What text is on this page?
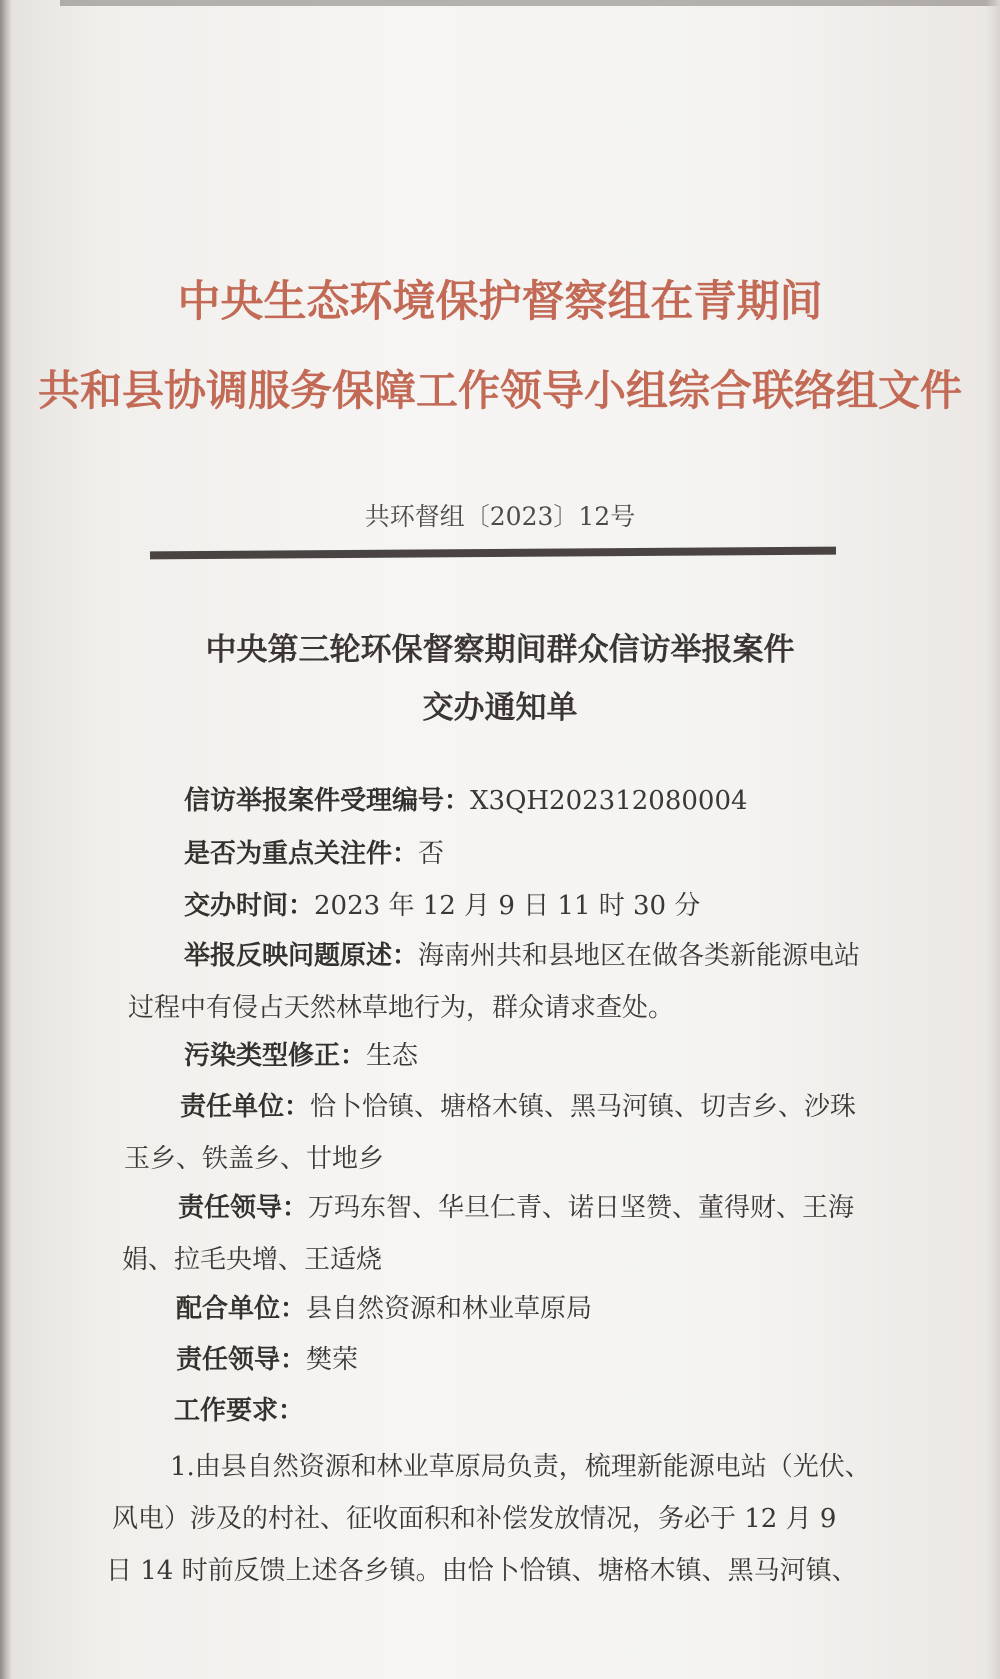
中央生态环境保护督察组在青期间
共和县协调服务保障工作领导小组综合联络组文件
共环督组〔2023〕12号
中央第三轮环保督察期间群众信访举报案件
交办通知单
信访举报案件受理编号：X3QH202312080004
是否为重点关注件：否
交办时间：2023 年 12 月 9 日 11 时 30 分
举报反映问题原述：海南州共和县地区在做各类新能源电站
过程中有侵占天然林草地行为，群众请求查处。
污染类型修正：生态
责任单位：恰卜恰镇、塘格木镇、黑马河镇、切吉乡、沙珠
玉乡、铁盖乡、廿地乡
责任领导：万玛东智、华旦仁青、诺日坚赞、董得财、王海
娟、拉毛央增、王适烧
配合单位：县自然资源和林业草原局
责任领导：樊荣
工作要求：
1.由县自然资源和林业草原局负责，梳理新能源电站（光伏、
风电）涉及的村社、征收面积和补偿发放情况，务必于 12 月 9
日 14 时前反馈上述各乡镇。由恰卜恰镇、塘格木镇、黑马河镇、
